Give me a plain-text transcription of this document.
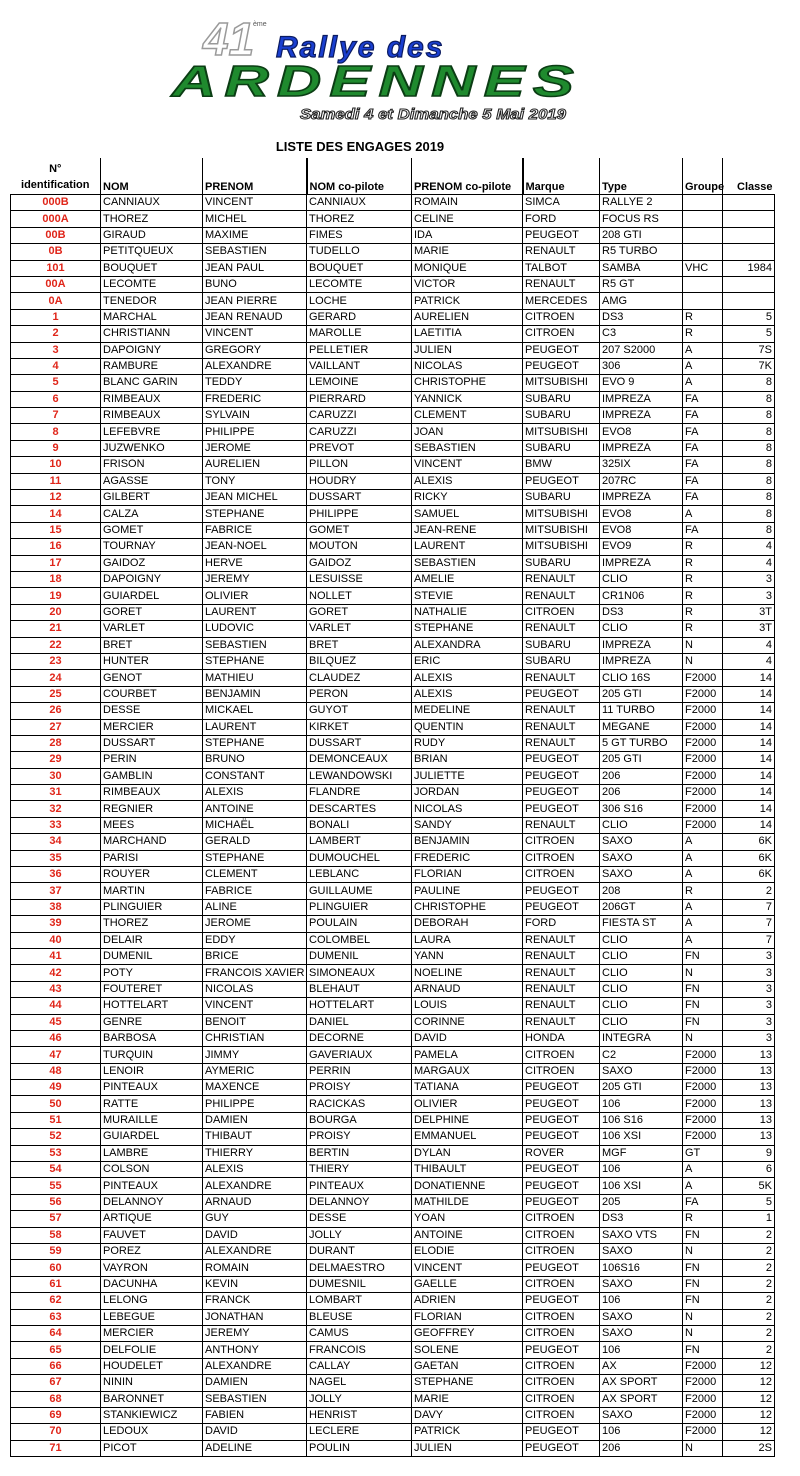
41
ème
Rallye des
ARDENNES
Samedi 4 et Dimanche 5 Mai 2019
LISTE DES ENGAGES 2019
N°
identification	NOM	PRENOM	NOM co-pilote	PRENOM co-pilote	Marque	Type	Groupe	Classe
000B	CANNIAUX	VINCENT	CANNIAUX	ROMAIN	SIMCA	RALLYE 2		
000A	THOREZ	MICHEL	THOREZ	CELINE	FORD	FOCUS RS		
00B	GIRAUD	MAXIME	FIMES	IDA	PEUGEOT	208 GTI		
0B	PETITQUEUX	SEBASTIEN	TUDELLO	MARIE	RENAULT	R5 TURBO		
101	BOUQUET	JEAN PAUL	BOUQUET	MONIQUE	TALBOT	SAMBA	VHC	1984
00A	LECOMTE	BUNO	LECOMTE	VICTOR	RENAULT	R5 GT		
0A	TENEDOR	JEAN PIERRE	LOCHE	PATRICK	MERCEDES	AMG		
1	MARCHAL	JEAN RENAUD	GERARD	AURELIEN	CITROEN	DS3	R	5
2	CHRISTIANN	VINCENT	MAROLLE	LAETITIA	CITROEN	C3	R	5
3	DAPOIGNY	GREGORY	PELLETIER	JULIEN	PEUGEOT	207 S2000	A	7S
4	RAMBURE	ALEXANDRE	VAILLANT	NICOLAS	PEUGEOT	306	A	7K
5	BLANC GARIN	TEDDY	LEMOINE	CHRISTOPHE	MITSUBISHI	EVO 9	A	8
6	RIMBEAUX	FREDERIC	PIERRARD	YANNICK	SUBARU	IMPREZA	FA	8
7	RIMBEAUX	SYLVAIN	CARUZZI	CLEMENT	SUBARU	IMPREZA	FA	8
8	LEFEBVRE	PHILIPPE	CARUZZI	JOAN	MITSUBISHI	EVO8	FA	8
9	JUZWENKO	JEROME	PREVOT	SEBASTIEN	SUBARU	IMPREZA	FA	8
10	FRISON	AURELIEN	PILLON	VINCENT	BMW	325IX	FA	8
11	AGASSE	TONY	HOUDRY	ALEXIS	PEUGEOT	207RC	FA	8
12	GILBERT	JEAN MICHEL	DUSSART	RICKY	SUBARU	IMPREZA	FA	8
14	CALZA	STEPHANE	PHILIPPE	SAMUEL	MITSUBISHI	EVO8	A	8
15	GOMET	FABRICE	GOMET	JEAN-RENE	MITSUBISHI	EVO8	FA	8
16	TOURNAY	JEAN-NOEL	MOUTON	LAURENT	MITSUBISHI	EVO9	R	4
17	GAIDOZ	HERVE	GAIDOZ	SEBASTIEN	SUBARU	IMPREZA	R	4
18	DAPOIGNY	JEREMY	LESUISSE	AMELIE	RENAULT	CLIO	R	3
19	GUIARDEL	OLIVIER	NOLLET	STEVIE	RENAULT	CR1N06	R	3
20	GORET	LAURENT	GORET	NATHALIE	CITROEN	DS3	R	3T
21	VARLET	LUDOVIC	VARLET	STEPHANE	RENAULT	CLIO	R	3T
22	BRET	SEBASTIEN	BRET	ALEXANDRA	SUBARU	IMPREZA	N	4
23	HUNTER	STEPHANE	BILQUEZ	ERIC	SUBARU	IMPREZA	N	4
24	GENOT	MATHIEU	CLAUDEZ	ALEXIS	RENAULT	CLIO 16S	F2000	14
25	COURBET	BENJAMIN	PERON	ALEXIS	PEUGEOT	205 GTI	F2000	14
26	DESSE	MICKAEL	GUYOT	MEDELINE	RENAULT	11 TURBO	F2000	14
27	MERCIER	LAURENT	KIRKET	QUENTIN	RENAULT	MEGANE	F2000	14
28	DUSSART	STEPHANE	DUSSART	RUDY	RENAULT	5 GT TURBO	F2000	14
29	PERIN	BRUNO	DEMONCEAUX	BRIAN	PEUGEOT	205 GTI	F2000	14
30	GAMBLIN	CONSTANT	LEWANDOWSKI	JULIETTE	PEUGEOT	206	F2000	14
31	RIMBEAUX	ALEXIS	FLANDRE	JORDAN	PEUGEOT	206	F2000	14
32	REGNIER	ANTOINE	DESCARTES	NICOLAS	PEUGEOT	306 S16	F2000	14
33	MEES	MICHAËL	BONALI	SANDY	RENAULT	CLIO	F2000	14
34	MARCHAND	GERALD	LAMBERT	BENJAMIN	CITROEN	SAXO	A	6K
35	PARISI	STEPHANE	DUMOUCHEL	FREDERIC	CITROEN	SAXO	A	6K
36	ROUYER	CLEMENT	LEBLANC	FLORIAN	CITROEN	SAXO	A	6K
37	MARTIN	FABRICE	GUILLAUME	PAULINE	PEUGEOT	208	R	2
38	PLINGUIER	ALINE	PLINGUIER	CHRISTOPHE	PEUGEOT	206GT	A	7
39	THOREZ	JEROME	POULAIN	DEBORAH	FORD	FIESTA ST	A	7
40	DELAIR	EDDY	COLOMBEL	LAURA	RENAULT	CLIO	A	7
41	DUMENIL	BRICE	DUMENIL	YANN	RENAULT	CLIO	FN	3
42	POTY	FRANCOIS XAVIER	SIMONEAUX	NOELINE	RENAULT	CLIO	N	3
43	FOUTERET	NICOLAS	BLEHAUT	ARNAUD	RENAULT	CLIO	FN	3
44	HOTTELART	VINCENT	HOTTELART	LOUIS	RENAULT	CLIO	FN	3
45	GENRE	BENOIT	DANIEL	CORINNE	RENAULT	CLIO	FN	3
46	BARBOSA	CHRISTIAN	DECORNE	DAVID	HONDA	INTEGRA	N	3
47	TURQUIN	JIMMY	GAVERIAUX	PAMELA	CITROEN	C2	F2000	13
48	LENOIR	AYMERIC	PERRIN	MARGAUX	CITROEN	SAXO	F2000	13
49	PINTEAUX	MAXENCE	PROISY	TATIANA	PEUGEOT	205 GTI	F2000	13
50	RATTE	PHILIPPE	RACICKAS	OLIVIER	PEUGEOT	106	F2000	13
51	MURAILLE	DAMIEN	BOURGA	DELPHINE	PEUGEOT	106 S16	F2000	13
52	GUIARDEL	THIBAUT	PROISY	EMMANUEL	PEUGEOT	106 XSI	F2000	13
53	LAMBRE	THIERRY	BERTIN	DYLAN	ROVER	MGF	GT	9
54	COLSON	ALEXIS	THIERY	THIBAULT	PEUGEOT	106	A	6
55	PINTEAUX	ALEXANDRE	PINTEAUX	DONATIENNE	PEUGEOT	106 XSI	A	5K
56	DELANNOY	ARNAUD	DELANNOY	MATHILDE	PEUGEOT	205	FA	5
57	ARTIQUE	GUY	DESSE	YOAN	CITROEN	DS3	R	1
58	FAUVET	DAVID	JOLLY	ANTOINE	CITROEN	SAXO VTS	FN	2
59	POREZ	ALEXANDRE	DURANT	ELODIE	CITROEN	SAXO	N	2
60	VAYRON	ROMAIN	DELMAESTRO	VINCENT	PEUGEOT	106S16	FN	2
61	DACUNHA	KEVIN	DUMESNIL	GAELLE	CITROEN	SAXO	FN	2
62	LELONG	FRANCK	LOMBART	ADRIEN	PEUGEOT	106	FN	2
63	LEBEGUE	JONATHAN	BLEUSE	FLORIAN	CITROEN	SAXO	N	2
64	MERCIER	JEREMY	CAMUS	GEOFFREY	CITROEN	SAXO	N	2
65	DELFOLIE	ANTHONY	FRANCOIS	SOLENE	PEUGEOT	106	FN	2
66	HOUDELET	ALEXANDRE	CALLAY	GAETAN	CITROEN	AX	F2000	12
67	NININ	DAMIEN	NAGEL	STEPHANE	CITROEN	AX SPORT	F2000	12
68	BARONNET	SEBASTIEN	JOLLY	MARIE	CITROEN	AX SPORT	F2000	12
69	STANKIEWICZ	FABIEN	HENRIST	DAVY	CITROEN	SAXO	F2000	12
70	LEDOUX	DAVID	LECLERE	PATRICK	PEUGEOT	106	F2000	12
71	PICOT	ADELINE	POULIN	JULIEN	PEUGEOT	206	N	2S
